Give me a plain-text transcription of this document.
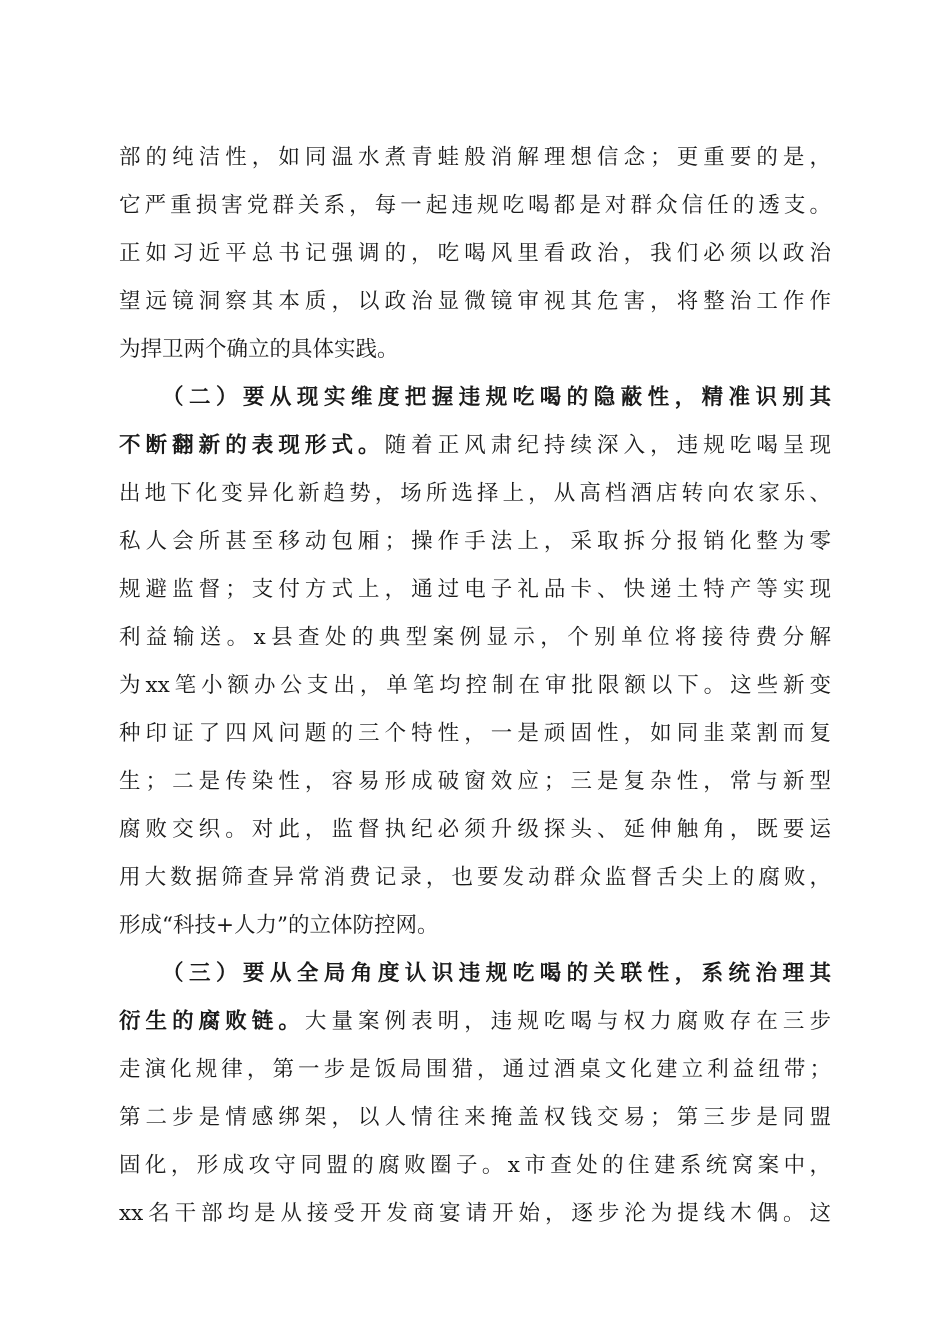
部的纯洁性，如同温水煮青蛙般消解理想信念；更重要的是，
它严重损害党群关系，每一起违规吃喝都是对群众信任的透支。
正如习近平总书记强调的，吃喝风里看政治，我们必须以政治
望远镜洞察其本质，以政治显微镜审视其危害，将整治工作作
为捍卫两个确立的具体实践。
（二）要从现实维度把握违规吃喝的隐蔽性，精准识别其
不断翻新的表现形式。随着正风肃纪持续深入，违规吃喝呈现
出地下化变异化新趋势，场所选择上，从高档酒店转向农家乐、
私人会所甚至移动包厢；操作手法上，采取拆分报销化整为零
规避监督；支付方式上，通过电子礼品卡、快递土特产等实现
利益输送。x县查处的典型案例显示，个别单位将接待费分解
为xx笔小额办公支出，单笔均控制在审批限额以下。这些新变
种印证了四风问题的三个特性，一是顽固性，如同韭菜割而复
生；二是传染性，容易形成破窗效应；三是复杂性，常与新型
腐败交织。对此，监督执纪必须升级探头、延伸触角，既要运
用大数据筛查异常消费记录，也要发动群众监督舌尖上的腐败，
形成“科技+人力”的立体防控网。
（三）要从全局角度认识违规吃喝的关联性，系统治理其
衍生的腐败链。大量案例表明，违规吃喝与权力腐败存在三步
走演化规律，第一步是饭局围猎，通过酒桌文化建立利益纽带；
第二步是情感绑架，以人情往来掩盖权钱交易；第三步是同盟
固化，形成攻守同盟的腐败圈子。x市查处的住建系统窝案中，
xx名干部均是从接受开发商宴请开始，逐步沦为提线木偶。这
